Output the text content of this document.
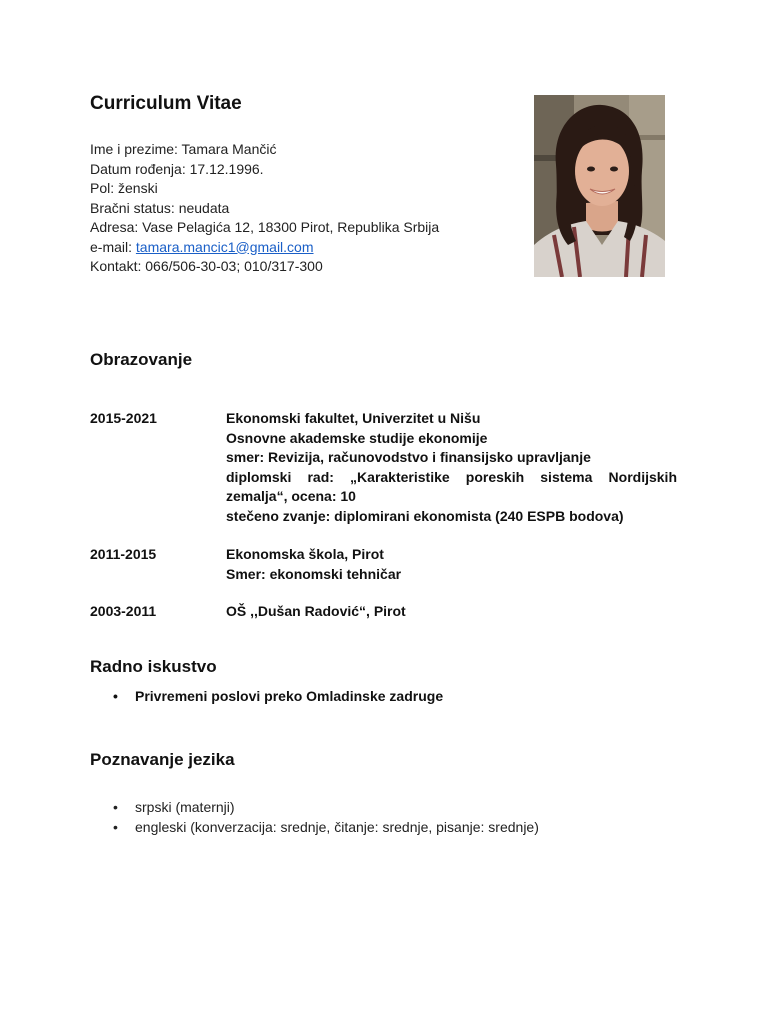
Curriculum Vitae
Ime i prezime: Tamara Mančić
Datum rođenja: 17.12.1996.
Pol: ženski
Bračni status: neudata
Adresa: Vase Pelagića 12, 18300 Pirot, Republika Srbija
e-mail: tamara.mancic1@gmail.com
Kontakt: 066/506-30-03; 010/317-300
Obrazovanje
2015-2021	Ekonomski fakultet, Univerzitet u Nišu
Osnovne akademske studije ekonomije
smer: Revizija, računovodstvo i finansijsko upravljanje
diplomski rad: „Karakteristike poreskih sistema Nordijskih
zemalja“, ocena: 10
stečeno zvanje: diplomirani ekonomista (240 ESPB bodova)
2011-2015	Ekonomska škola, Pirot
Smer: ekonomski tehničar
2003-2011	OŠ ,,Dušan Radović“, Pirot
Radno iskustvo
• Privremeni poslovi preko Omladinske zadruge
Poznavanje jezika
• srpski (maternji)
• engleski (konverzacija: srednje, čitanje: srednje, pisanje: srednje)
